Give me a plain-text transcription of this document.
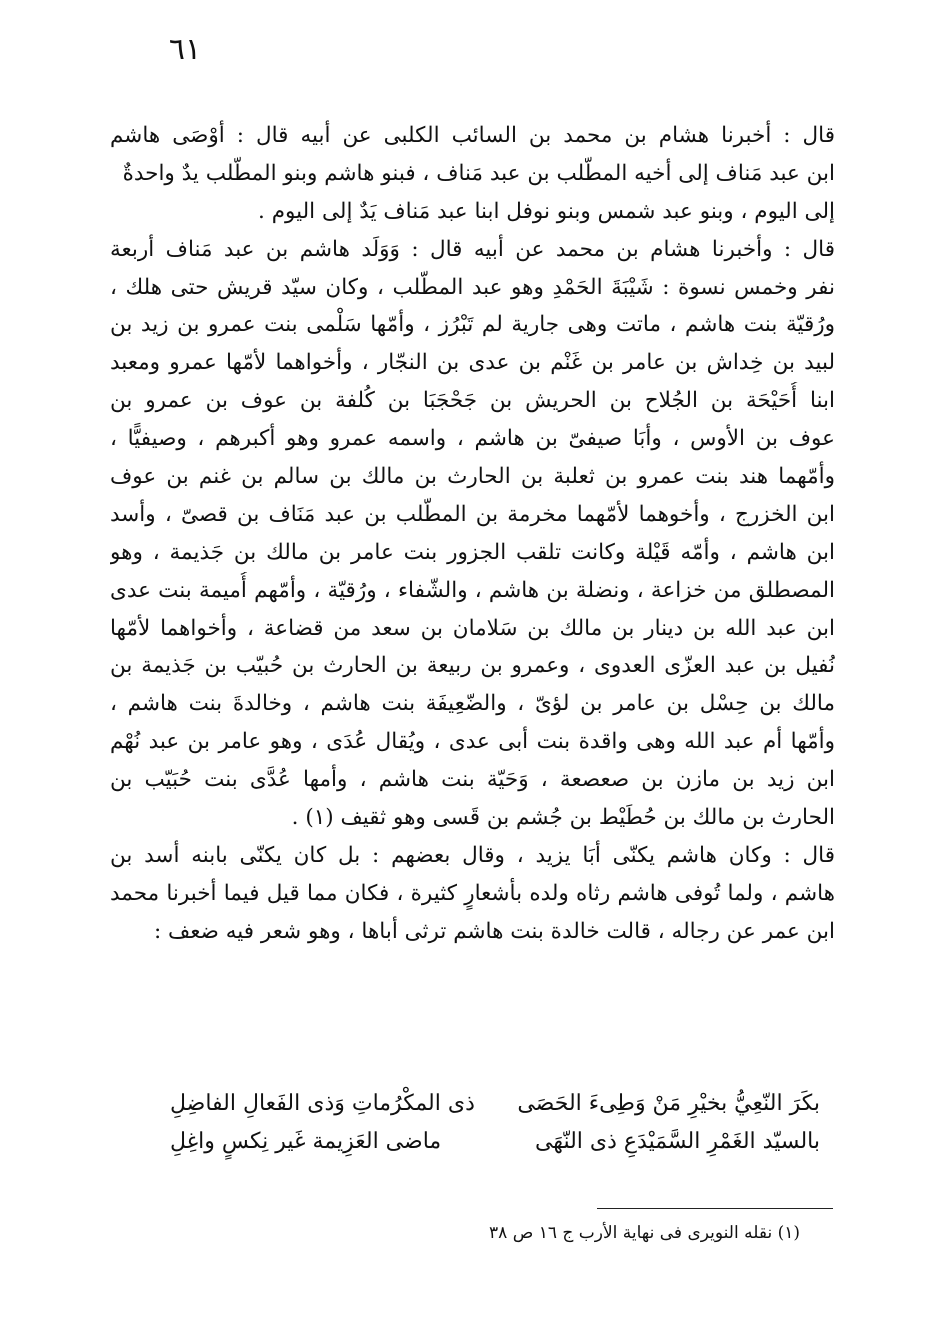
٦١
قال : أخبرنا هشام بن محمد بن السائب الكلبى عن أبيه قال : أوْصَى هاشم
ابن عبد مَناف إلى أخيه المطّلب بن عبد مَناف ، فبنو هاشم وبنو المطّلب يدٌ واحدةٌ
إلى اليوم ، وبنو عبد شمس وبنو نوفل ابنا عبد مَناف يَدٌ إلى اليوم .
قال : وأخبرنا هشام بن محمد عن أبيه قال : وَوَلَد هاشم بن عبد مَناف أربعة
نفر وخمس نسوة : شَيْبَةَ الحَمْدِ وهو عبد المطّلب ، وكان سيّد قريش حتى هلك ،
ورُقيّة بنت هاشم ، ماتت وهى جارية لم تَبْرُز ، وأمّها سَلْمى بنت عمرو بن زيد بن
لبيد بن خِداش بن عامر بن غَنْم بن عدى بن النجّار ، وأخواهما لأمّها عمرو ومعبد
ابنا أُحَيْحَة بن الجُلاح بن الحريش بن جَحْجَبَا بن كُلفة بن عوف بن عمرو بن
عوف بن الأوس ، وأبَا صيفىّ بن هاشم ، واسمه عمرو وهو أكبرهم ، وصيفيًّا ،
وأمّهما هند بنت عمرو بن ثعلبة بن الحارث بن مالك بن سالم بن غنم بن عوف
ابن الخزرج ، وأخوهما لأمّهما مخرمة بن المطّلب بن عبد مَنَاف بن قصىّ ، وأسد
ابن هاشم ، وأمّه قَيْلة وكانت تلقب الجزور بنت عامر بن مالك بن جَذيمة ، وهو
المصطلق من خزاعة ، ونضلة بن هاشم ، والشّفاء ، ورُقيّة ، وأمّهم أُميمة بنت عدى
ابن عبد الله بن دينار بن مالك بن سَلامان بن سعد من قضاعة ، وأخواهما لأمّها
نُفيل بن عبد العزّى العدوى ، وعمرو بن ربيعة بن الحارث بن حُبيّب بن جَذيمة بن
مالك بن حِسْل بن عامر بن لؤىّ ، والضّعِيفَة بنت هاشم ، وخالدةَ بنت هاشم ،
وأمّها أم عبد الله وهى واقدة بنت أبى عدى ، ويُقال عُدَى ، وهو عامر بن عبد نُهْم
ابن زيد بن مازن بن صعصعة ، وَحَيّة بنت هاشم ، وأمها عُدَّى بنت حُبَيّب بن
الحارث بن مالك بن حُطَيْط بن جُشم بن قَسى وهو ثقيف (١) .
قال : وكان هاشم يكنّى أبَا يزيد ، وقال بعضهم : بل كان يكنّى بابنه أسد بن
هاشم ، ولما تُوفى هاشم رثاه ولده بأشعارٍ كثيرة ، فكان مما قيل فيما أخبرنا محمد
ابن عمر عن رجاله ، قالت خالدة بنت هاشم ترثى أباها ، وهو شعر فيه ضعف :
بكَرَ النّعِيُّ بخيْرِ مَنْ وَطِىءَ الحَصَى
ذى المكْرُماتِ وَذى الفَعالِ الفاضِلِ
بالسيّد الغَمْرِ السَّمَيْدَعِ ذى النّهَى
ماضى العَزِيمة غَير نِكسٍ واغِلِ
(١) نقله النويرى فى نهاية الأرب ج ١٦ ص ٣٨
